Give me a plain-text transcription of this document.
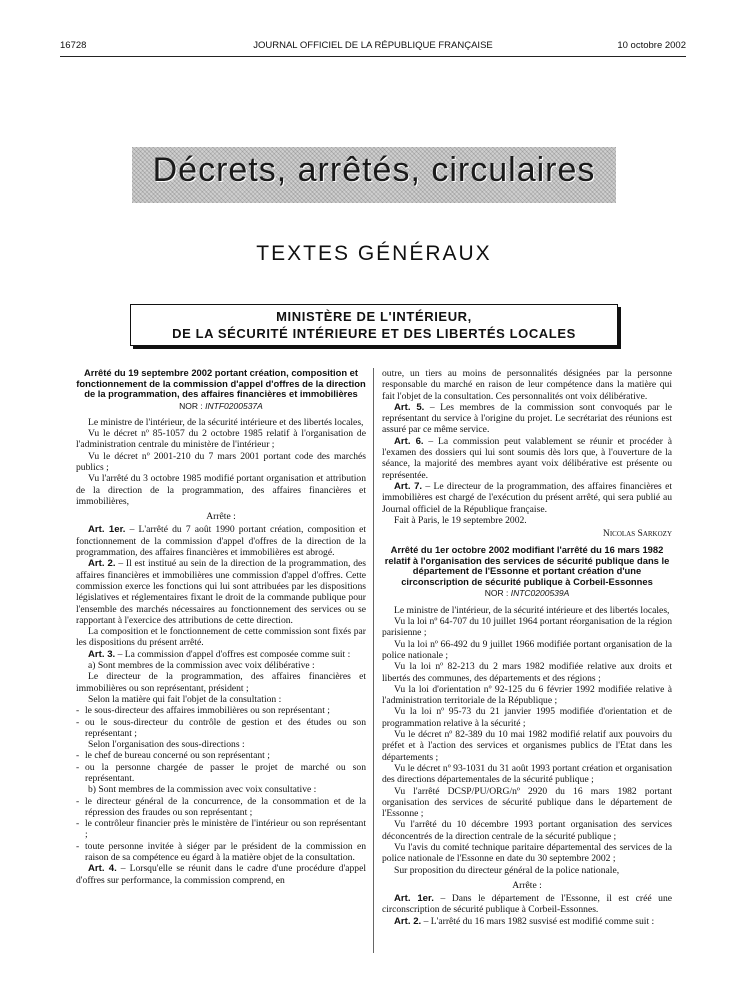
16728	JOURNAL OFFICIEL DE LA RÉPUBLIQUE FRANÇAISE	10 octobre 2002
Décrets, arrêtés, circulaires
TEXTES GÉNÉRAUX
MINISTÈRE DE L'INTÉRIEUR,
DE LA SÉCURITÉ INTÉRIEURE ET DES LIBERTÉS LOCALES
Arrêté du 19 septembre 2002 portant création, composition et fonctionnement de la commission d'appel d'offres de la direction de la programmation, des affaires financières et immobilières
NOR : INTF0200537A

Le ministre de l'intérieur, de la sécurité intérieure et des libertés locales,

Vu le décret nº 85-1057 du 2 octobre 1985 relatif à l'organisation de l'administration centrale du ministère de l'intérieur ;

Vu le décret nº 2001-210 du 7 mars 2001 portant code des marchés publics ;

Vu l'arrêté du 3 octobre 1985 modifié portant organisation et attribution de la direction de la programmation, des affaires financières et immobilières,

Arrête :

Art. 1er. – L'arrêté du 7 août 1990 portant création, composition et fonctionnement de la commission d'appel d'offres de la direction de la programmation, des affaires financières et immobilières est abrogé.

Art. 2. – Il est institué au sein de la direction de la programmation, des affaires financières et immobilières une commission d'appel d'offres. Cette commission exerce les fonctions qui lui sont attribuées par les dispositions législatives et réglementaires fixant le droit de la commande publique pour l'ensemble des marchés nécessaires au fonctionnement des services ou se rapportant à l'exercice des attributions de cette direction.

La composition et le fonctionnement de cette commission sont fixés par les dispositions du présent arrêté.

Art. 3. – La commission d'appel d'offres est composée comme suit :

a) Sont membres de la commission avec voix délibérative :

Le directeur de la programmation, des affaires financières et immobilières ou son représentant, président ;

Selon la matière qui fait l'objet de la consultation :

- le sous-directeur des affaires immobilières ou son représentant ;

- ou le sous-directeur du contrôle de gestion et des études ou son représentant ;

Selon l'organisation des sous-directions :

- le chef de bureau concerné ou son représentant ;

- ou la personne chargée de passer le projet de marché ou son représentant.

b) Sont membres de la commission avec voix consultative :

- le directeur général de la concurrence, de la consommation et de la répression des fraudes ou son représentant ;

- le contrôleur financier près le ministère de l'intérieur ou son représentant ;

- toute personne invitée à siéger par le président de la commission en raison de sa compétence eu égard à la matière objet de la consultation.

Art. 4. – Lorsqu'elle se réunit dans le cadre d'une procédure d'appel d'offres sur performance, la commission comprend, en

outre, un tiers au moins de personnalités désignées par la personne responsable du marché en raison de leur compétence dans la matière qui fait l'objet de la consultation. Ces personnalités ont voix délibérative.

Art. 5. – Les membres de la commission sont convoqués par le représentant du service à l'origine du projet. Le secrétariat des réunions est assuré par ce même service.

Art. 6. – La commission peut valablement se réunir et procéder à l'examen des dossiers qui lui sont soumis dès lors que, à l'ouverture de la séance, la majorité des membres ayant voix délibérative est présente ou représentée.

Art. 7. – Le directeur de la programmation, des affaires financières et immobilières est chargé de l'exécution du présent arrêté, qui sera publié au Journal officiel de la République française.

Fait à Paris, le 19 septembre 2002.

Nicolas Sarkozy
Arrêté du 1er octobre 2002 modifiant l'arrêté du 16 mars 1982 relatif à l'organisation des services de sécurité publique dans le département de l'Essonne et portant création d'une circonscription de sécurité publique à Corbeil-Essonnes
NOR : INTC0200539A

Le ministre de l'intérieur, de la sécurité intérieure et des libertés locales,

Vu la loi nº 64-707 du 10 juillet 1964 portant réorganisation de la région parisienne ;

Vu la loi nº 66-492 du 9 juillet 1966 modifiée portant organisation de la police nationale ;

Vu la loi nº 82-213 du 2 mars 1982 modifiée relative aux droits et libertés des communes, des départements et des régions ;

Vu la loi d'orientation nº 92-125 du 6 février 1992 modifiée relative à l'administration territoriale de la République ;

Vu la loi nº 95-73 du 21 janvier 1995 modifiée d'orientation et de programmation relative à la sécurité ;

Vu le décret nº 82-389 du 10 mai 1982 modifié relatif aux pouvoirs du préfet et à l'action des services et organismes publics de l'Etat dans les départements ;

Vu le décret nº 93-1031 du 31 août 1993 portant création et organisation des directions départementales de la sécurité publique ;

Vu l'arrêté DCSP/PU/ORG/nº 2920 du 16 mars 1982 portant organisation des services de sécurité publique dans le département de l'Essonne ;

Vu l'arrêté du 10 décembre 1993 portant organisation des services déconcentrés de la direction centrale de la sécurité publique ;

Vu l'avis du comité technique paritaire départemental des services de la police nationale de l'Essonne en date du 30 septembre 2002 ;

Sur proposition du directeur général de la police nationale,

Arrête :

Art. 1er. – Dans le département de l'Essonne, il est créé une circonscription de sécurité publique à Corbeil-Essonnes.

Art. 2. – L'arrêté du 16 mars 1982 susvisé est modifié comme suit :
